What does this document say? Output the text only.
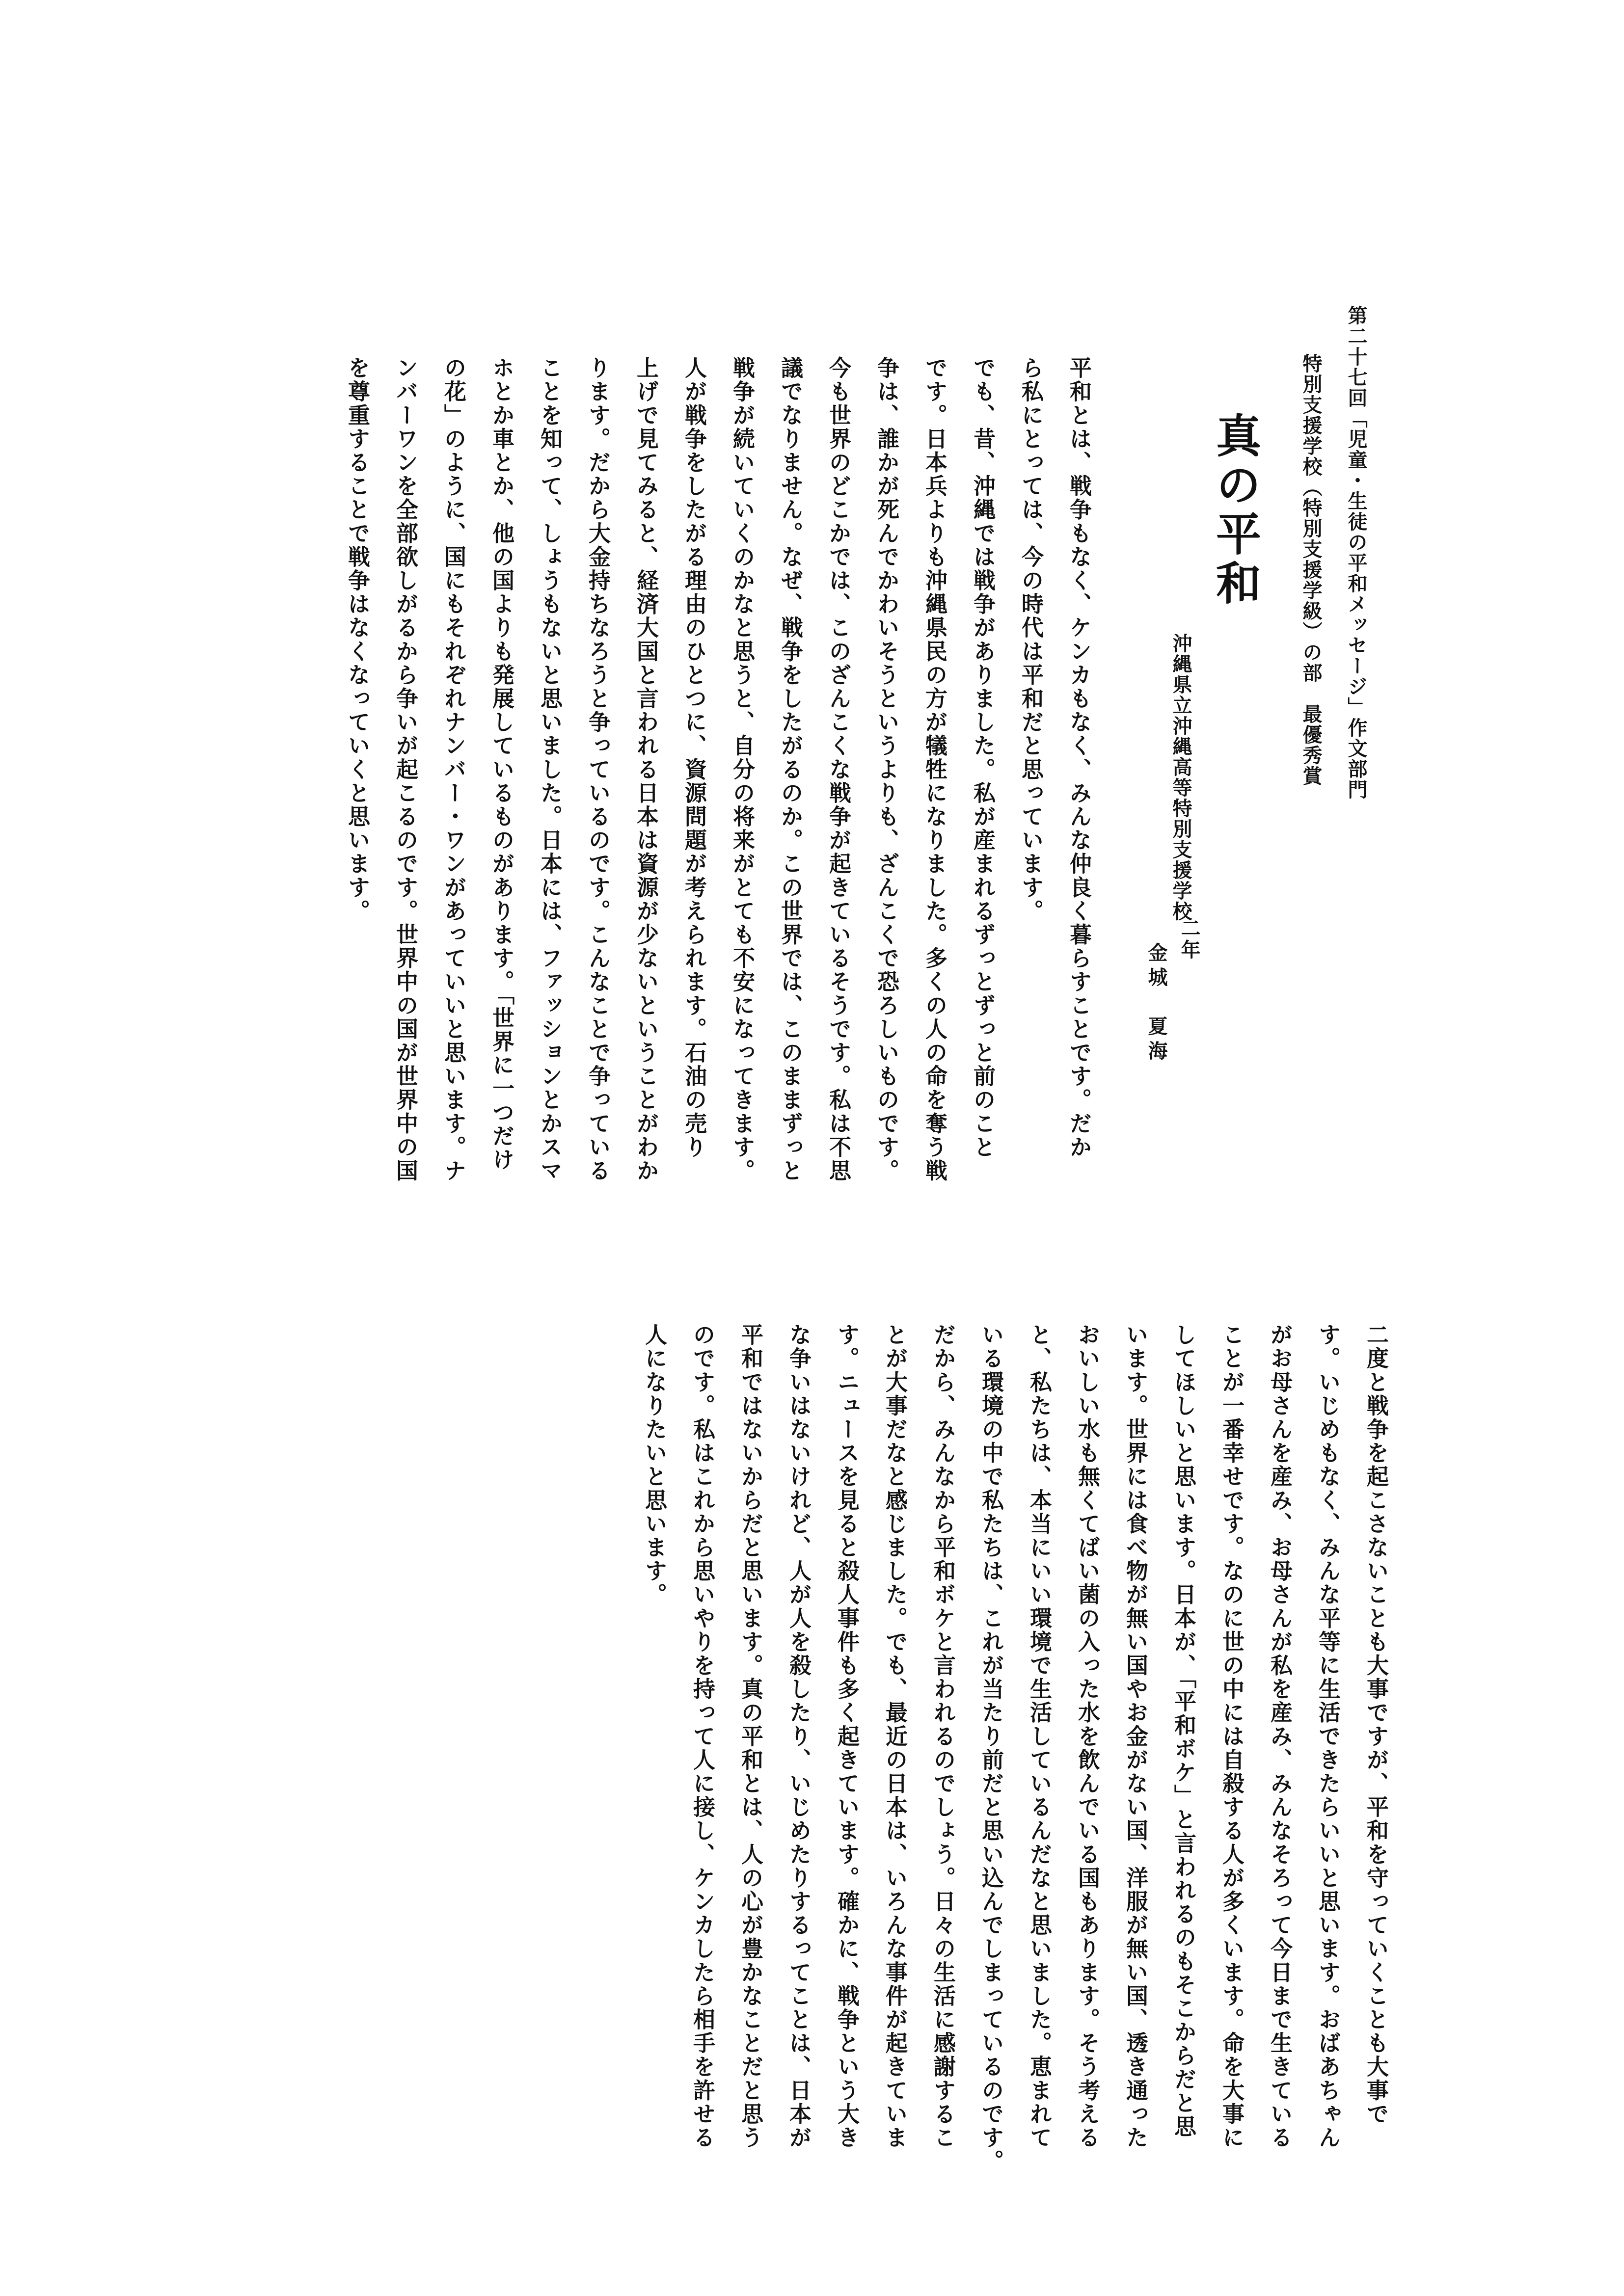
第二十七回「児童・生徒の平和メッセージ」作文部門
特別支援学校（特別支援学級）の部　最優秀賞
真の平和
沖縄県立沖縄高等特別支援学校
二年
金城　夏海
平和とは、戦争もなく、ケンカもなく、みんな仲良く暮らすことです。だか
ら私にとっては、今の時代は平和だと思っています。
でも、昔、沖縄では戦争がありました。私が産まれるずっとずっと前のこと
です。日本兵よりも沖縄県民の方が犠牲になりました。多くの人の命を奪う戦
争は、誰かが死んでかわいそうというよりも、ざんこくで恐ろしいものです。
今も世界のどこかでは、このざんこくな戦争が起きているそうです。私は不思
議でなりません。なぜ、戦争をしたがるのか。この世界では、このままずっと
戦争が続いていくのかなと思うと、自分の将来がとても不安になってきます。
人が戦争をしたがる理由のひとつに、資源問題が考えられます。石油の売り
上げで見てみると、経済大国と言われる日本は資源が少ないということがわか
ります。だから大金持ちなろうと争っているのです。こんなことで争っている
ことを知って、しょうもないと思いました。日本には、ファッションとかスマ
ホとか車とか、他の国よりも発展しているものがあります。「世界に一つだけ
の花」のように、国にもそれぞれナンバー・ワンがあっていいと思います。ナ
ンバーワンを全部欲しがるから争いが起こるのです。世界中の国が世界中の国
を尊重することで戦争はなくなっていくと思います。
二度と戦争を起こさないことも大事ですが、平和を守っていくことも大事で
す。いじめもなく、みんな平等に生活できたらいいと思います。おばあちゃん
がお母さんを産み、お母さんが私を産み、みんなそろって今日まで生きている
ことが一番幸せです。なのに世の中には自殺する人が多くいます。命を大事に
してほしいと思います。日本が、「平和ボケ」と言われるのもそこからだと思
います。世界には食べ物が無い国やお金がない国、洋服が無い国、透き通った
おいしい水も無くてばい菌の入った水を飲んでいる国もあります。そう考える
と、私たちは、本当にいい環境で生活しているんだなと思いました。恵まれて
いる環境の中で私たちは、これが当たり前だと思い込んでしまっているのです。
だから、みんなから平和ボケと言われるのでしょう。日々の生活に感謝するこ
とが大事だなと感じました。でも、最近の日本は、いろんな事件が起きていま
す。ニュースを見ると殺人事件も多く起きています。確かに、戦争という大き
な争いはないけれど、人が人を殺したり、いじめたりするってことは、日本が
平和ではないからだと思います。真の平和とは、人の心が豊かなことだと思う
のです。私はこれから思いやりを持って人に接し、ケンカしたら相手を許せる
人になりたいと思います。
